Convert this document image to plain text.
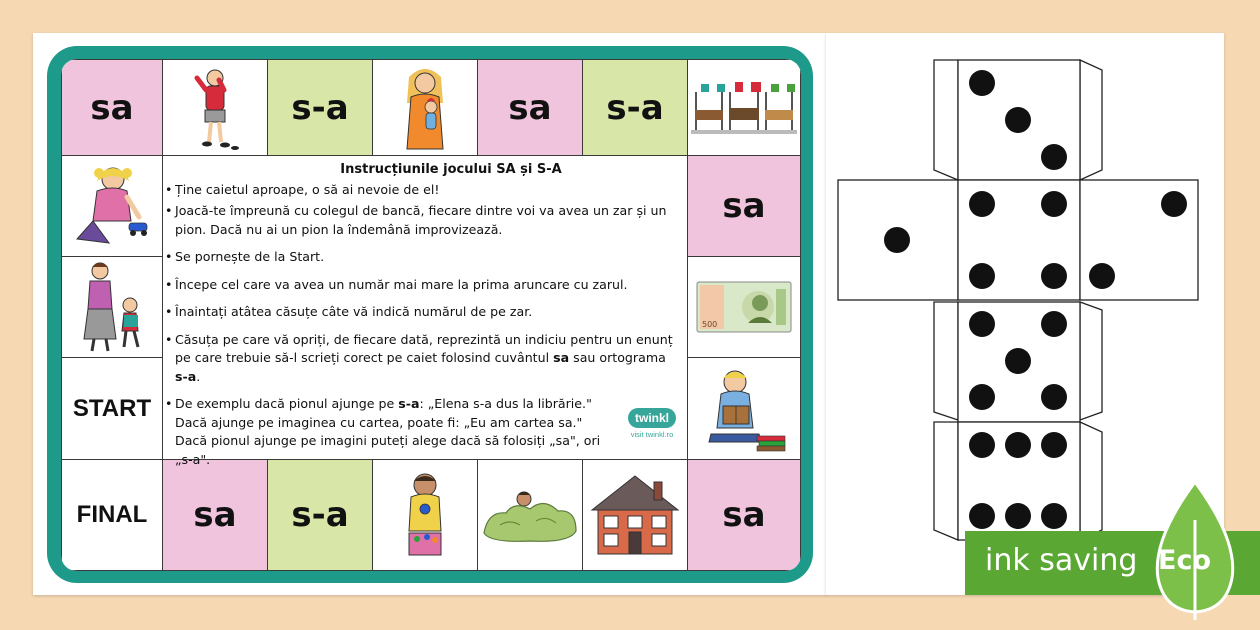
sa	s-a	sa s-a
START
sa
500
FINAL sa s-a	sa
Instrucțiunile jocului SA și S-A
• Ține caietul aproape, o să ai nevoie de el!
• Joacă-te împreună cu colegul de bancă, fiecare dintre voi va avea un zar și un pion. Dacă nu ai un pion la îndemână improvizează.
• Se pornește de la Start.
• Începe cel care va avea un număr mai mare la prima aruncare cu zarul.
• Înaintați atâtea căsuțe câte vă indică numărul de pe zar.
• Căsuța pe care vă opriți, de fiecare dată, reprezintă un indiciu pentru un enunț pe care trebuie să-l scrieți corect pe caiet folosind cuvântul sa sau ortograma s-a.
• De exemplu dacă pionul ajunge pe s-a: „Elena s-a dus la librărie." Dacă ajunge pe imaginea cu cartea, poate fi: „Eu am cartea sa." Dacă pionul ajunge pe imagini puteți alege dacă să folosiți „sa", ori „s-a".
twinkl
visit twinkl.ro
ink saving Eco
